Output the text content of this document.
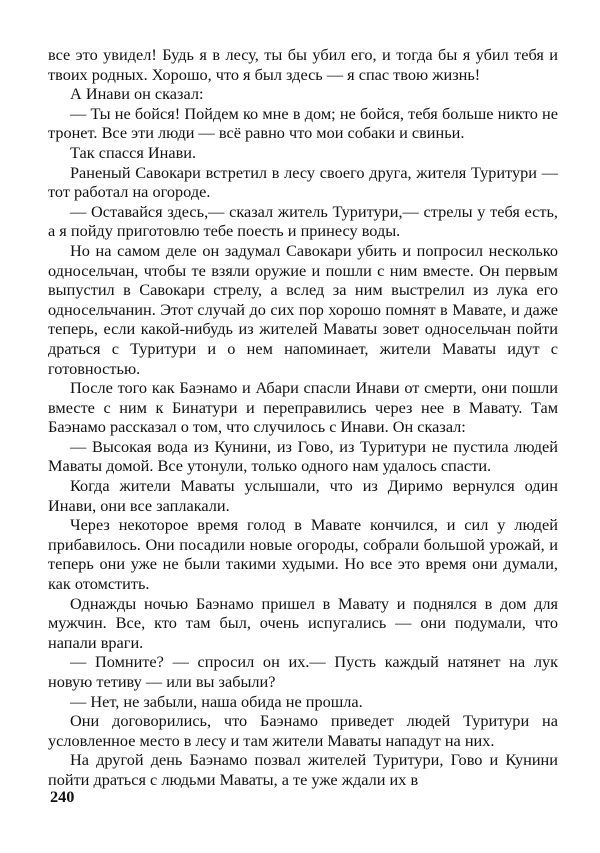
все это увидел! Будь я в лесу, ты бы убил его, и тогда бы я убил тебя и твоих родных. Хорошо, что я был здесь — я спас твою жизнь!

А Инави он сказал:

— Ты не бойся! Пойдем ко мне в дом; не бойся, тебя больше никто не тронет. Все эти люди — всё равно что мои собаки и свиньи.

Так спасся Инави.

Раненый Савокари встретил в лесу своего друга, жителя Туритури — тот работал на огороде.

— Оставайся здесь,— сказал житель Туритури,— стрелы у тебя есть, а я пойду приготовлю тебе поесть и принесу воды.

Но на самом деле он задумал Савокари убить и попросил несколько односельчан, чтобы те взяли оружие и пошли с ним вместе. Он первым выпустил в Савокари стрелу, а вслед за ним выстрелил из лука его односельчанин. Этот случай до сих пор хорошо помнят в Мавате, и даже теперь, если какой-нибудь из жителей Маваты зовет односельчан пойти драться с Туритури и о нем напоминает, жители Маваты идут с готовностью.

После того как Баэнамо и Абари спасли Инави от смерти, они пошли вместе с ним к Бинатури и переправились через нее в Мавату. Там Баэнамо рассказал о том, что случилось с Инави. Он сказал:

— Высокая вода из Кунини, из Гово, из Туритури не пустила людей Маваты домой. Все утонули, только одного нам удалось спасти.

Когда жители Маваты услышали, что из Диримо вернулся один Инави, они все заплакали.

Через некоторое время голод в Мавате кончился, и сил у людей прибавилось. Они посадили новые огороды, собрали большой урожай, и теперь они уже не были такими худыми. Но все это время они думали, как отомстить.

Однажды ночью Баэнамо пришел в Мавату и поднялся в дом для мужчин. Все, кто там был, очень испугались — они подумали, что напали враги.

— Помните? — спросил он их.— Пусть каждый натянет на лук новую тетиву — или вы забыли?

— Нет, не забыли, наша обида не прошла.

Они договорились, что Баэнамо приведет людей Туритури на условленное место в лесу и там жители Маваты нападут на них.

На другой день Баэнамо позвал жителей Туритури, Гово и Кунини пойти драться с людьми Маваты, а те уже ждали их в

240
